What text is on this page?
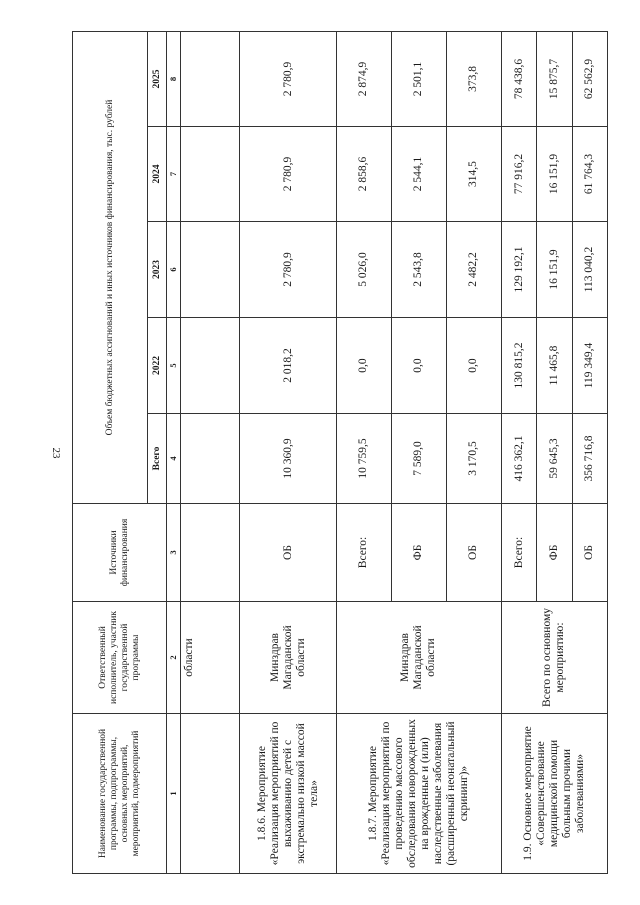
23
Наименование государственной программы, подпрограммы, основных мероприятий, мероприятий, подмероприятий	Ответственный исполнитель, участник государственной программы	Источники финансирования	Объем бюджетных ассигнований и иных источников финансирования, тыс. рублей				
			Всего	2022	2023	2024	2025
1	2	3	4	5	6	7	8
	области						
1.8.6. Мероприятие «Реализация мероприятий по выхаживанию детей с экстремально низкой массой тела»	Минздрав Магаданской области	ОБ	10 360,9	2 018,2	2 780,9	2 780,9	2 780,9
1.8.7. Мероприятие «Реализация мероприятий по проведению массового обследования новорожденных на врожденные и (или) наследственные заболевания (расширенный неонатальный скрининг)»	Минздрав Магаданской области	Всего:	10 759,5	0,0	5 026,0	2 858,6	2 874,9
		ФБ	7 589,0	0,0	2 543,8	2 544,1	2 501,1
		ОБ	3 170,5	0,0	2 482,2	314,5	373,8
1.9. Основное мероприятие «Совершенствование медицинской помощи больным прочими заболеваниями»	Всего по основному мероприятию:	Всего:	416 362,1	130 815,2	129 192,1	77 916,2	78 438,6
		ФБ	59 645,3	11 465,8	16 151,9	16 151,9	15 875,7
		ОБ	356 716,8	119 349,4	113 040,2	61 764,3	62 562,9
